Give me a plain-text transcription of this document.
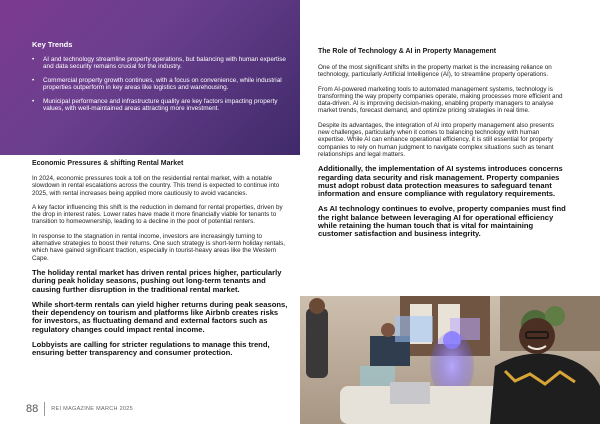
Key Trends
• AI and technology streamline property operations, but balancing with human expertise and data security remains crucial for the industry.
• Commercial property growth continues, with a focus on convenience, while industrial properties outperform in key areas like logistics and warehousing.
• Municipal performance and infrastructure quality are key factors impacting property values, with well-maintained areas attracting more investment.
Economic Pressures & shifting Rental Market

In 2024, economic pressures took a toll on the residential rental market, with a notable slowdown in rental escalations across the country. This trend is expected to continue into 2025, with rental increases being applied more cautiously to avoid vacancies.

A key factor influencing this shift is the reduction in demand for rental properties, driven by the drop in interest rates. Lower rates have made it more financially viable for tenants to transition to homeownership, leading to a decline in the pool of potential renters.

In response to the stagnation in rental income, investors are increasingly turning to alternative strategies to boost their returns. One such strategy is short-term holiday rentals, which have gained significant traction, especially in tourist-heavy areas like the Western Cape.

The holiday rental market has driven rental prices higher, particularly during peak holiday seasons, pushing out long-term tenants and causing further disruption in the traditional rental market.

While short-term rentals can yield higher returns during peak seasons, their dependency on tourism and platforms like Airbnb creates risks for investors, as fluctuating demand and external factors such as regulatory changes could impact rental income.

Lobbyists are calling for stricter regulations to manage this trend, ensuring better transparency and consumer protection.

88 REI MAGAZINE MARCH 2025
The Role of Technology & AI in Property Management

One of the most significant shifts in the property market is the increasing reliance on technology, particularly Artificial Intelligence (AI), to streamline property operations.

From AI-powered marketing tools to automated management systems, technology is transforming the way property companies operate, making processes more efficient and data-driven. AI is improving decision-making, enabling property managers to analyse market trends, forecast demand, and optimize pricing strategies in real time.

Despite its advantages, the integration of AI into property management also presents new challenges, particularly when it comes to balancing technology with human expertise. While AI can enhance operational efficiency, it is still essential for property companies to rely on human judgment to navigate complex situations such as tenant relationships and legal matters.

Additionally, the implementation of AI systems introduces concerns regarding data security and risk management. Property companies must adopt robust data protection measures to safeguard tenant information and ensure compliance with regulatory requirements.

As AI technology continues to evolve, property companies must find the right balance between leveraging AI for operational efficiency while retaining the human touch that is vital for maintaining customer satisfaction and business integrity.
